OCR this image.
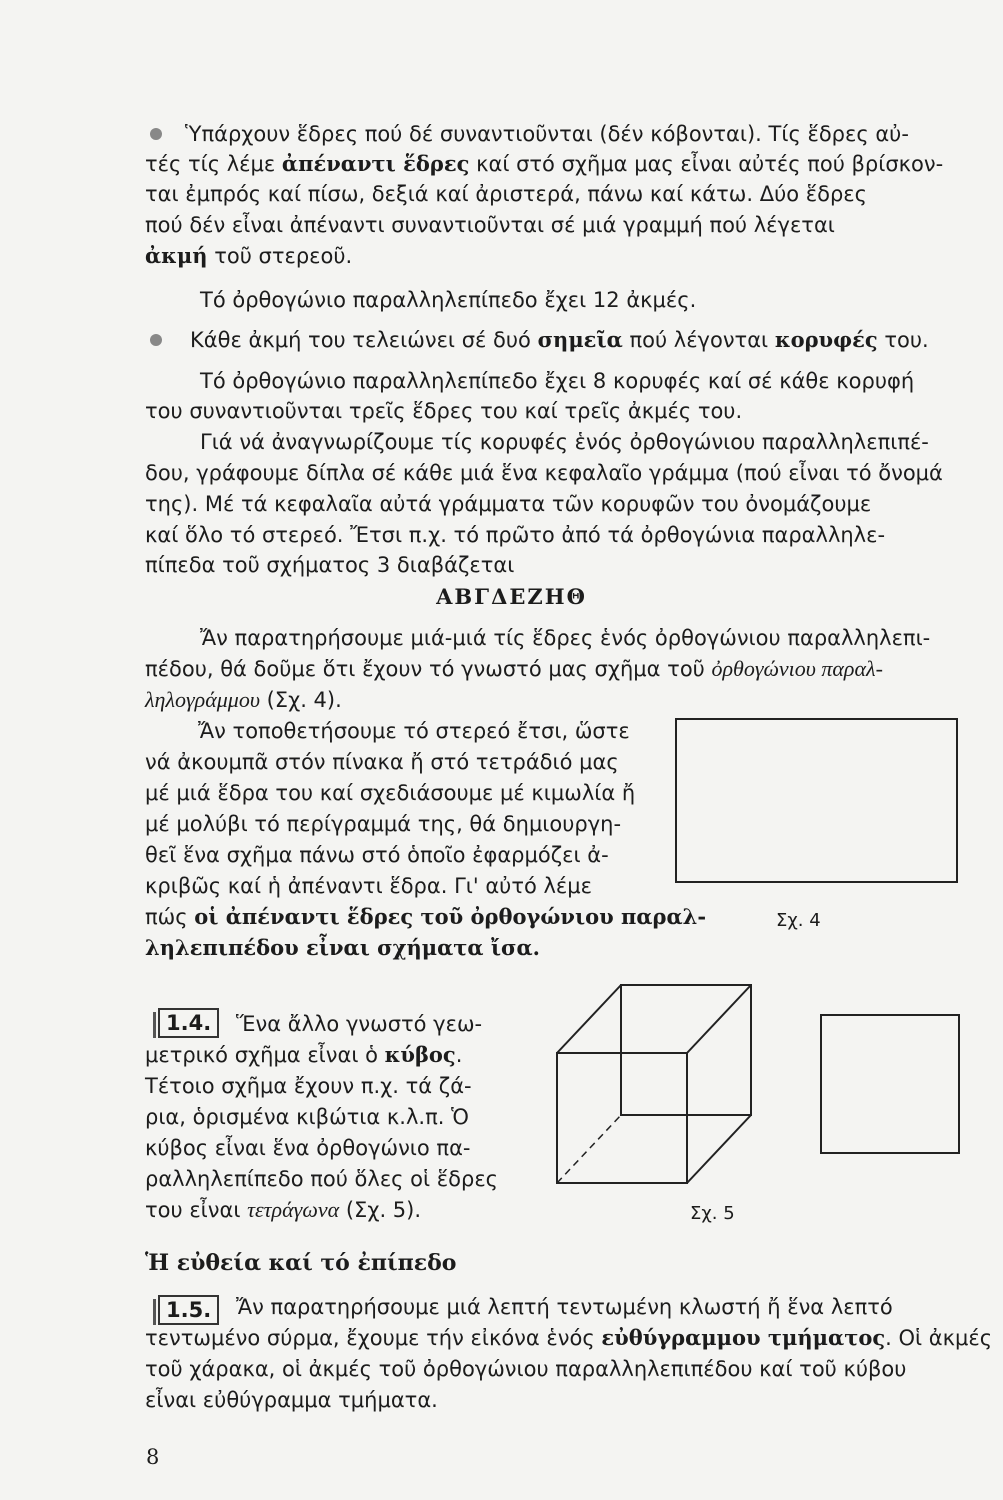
Ὑπάρχουν ἕδρες πού δέ συναντιοῦνται (δέν κόβονται). Τίς ἕδρες αὐ-
τές τίς λέμε ἀπέναντι ἕδρες καί στό σχῆμα μας εἶναι αὐτές πού βρίσκον-
ται ἐμπρός καί πίσω, δεξιά καί ἀριστερά, πάνω καί κάτω. Δύο ἕδρες
πού δέν εἶναι ἀπέναντι συναντιοῦνται σέ μιά γραμμή πού λέγεται
ἀκμή τοῦ στερεοῦ.
Τό ὀρθογώνιο παραλληλεπίπεδο ἔχει 12 ἀκμές.
Κάθε ἀκμή του τελειώνει σέ δυό σημεῖα πού λέγονται κορυφές του.
Τό ὀρθογώνιο παραλληλεπίπεδο ἔχει 8 κορυφές καί σέ κάθε κορυφή
του συναντιοῦνται τρεῖς ἕδρες του καί τρεῖς ἀκμές του.
Γιά νά ἀναγνωρίζουμε τίς κορυφές ἑνός ὀρθογώνιου παραλληλεπιπέ-
δου, γράφουμε δίπλα σέ κάθε μιά ἕνα κεφαλαῖο γράμμα (πού εἶναι τό ὄνομά
της). Μέ τά κεφαλαῖα αὐτά γράμματα τῶν κορυφῶν του ὀνομάζουμε
καί ὅλο τό στερεό. Ἔτσι π.χ. τό πρῶτο ἀπό τά ὀρθογώνια παραλληλε-
πίπεδα τοῦ σχήματος 3 διαβάζεται
ΑΒΓΔΕΖΗΘ
Ἄν παρατηρήσουμε μιά-μιά τίς ἕδρες ἑνός ὀρθογώνιου παραλληλεπι-
πέδου, θά δοῦμε ὅτι ἔχουν τό γνωστό μας σχῆμα τοῦ ὀρθογώνιου παραλ-
ληλογράμμου (Σχ. 4).
Ἄν τοποθετήσουμε τό στερεό ἔτσι, ὥστε
νά ἀκουμπᾶ στόν πίνακα ἤ στό τετράδιό μας
μέ μιά ἕδρα του καί σχεδιάσουμε μέ κιμωλία ἤ
μέ μολύβι τό περίγραμμά της, θά δημιουργη-
θεῖ ἕνα σχῆμα πάνω στό ὁποῖο ἐφαρμόζει ἀ-
κριβῶς καί ἡ ἀπέναντι ἕδρα. Γι' αὐτό λέμε
πώς οἱ ἀπέναντι ἕδρες τοῦ ὀρθογώνιου παραλ-
ληλεπιπέδου εἶναι σχήματα ἴσα.
Σχ. 4
1.4.	Ἕνα ἄλλο γνωστό γεω-
μετρικό σχῆμα εἶναι ὁ κύβος.
Τέτοιο σχῆμα ἔχουν π.χ. τά ζά-
ρια, ὁρισμένα κιβώτια κ.λ.π. Ὁ
κύβος εἶναι ἕνα ὀρθογώνιο πα-
ραλληλεπίπεδο πού ὅλες οἱ ἕδρες
του εἶναι τετράγωνα (Σχ. 5).	Σχ. 5
Ἡ εὐθεία καί τό ἐπίπεδο
1.5.	Ἄν παρατηρήσουμε μιά λεπτή τεντωμένη κλωστή ἤ ἕνα λεπτό
τεντωμένο σύρμα, ἔχουμε τήν εἰκόνα ἑνός εὐθύγραμμου τμήματος. Οἱ ἀκμές
τοῦ χάρακα, οἱ ἀκμές τοῦ ὀρθογώνιου παραλληλεπιπέδου καί τοῦ κύβου
εἶναι εὐθύγραμμα τμήματα.
8
